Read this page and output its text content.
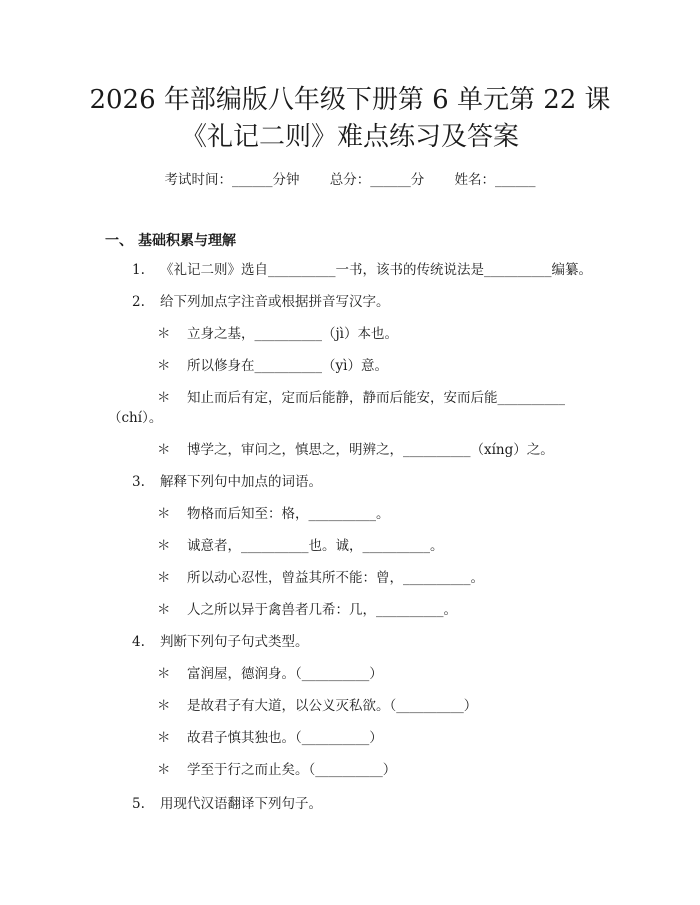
2026 年部编版八年级下册第 6 单元第 22 课
《礼记二则》难点练习及答案
考试时间：______分钟 总分：______分 姓名：______
一、 基础积累与理解
1.	《礼记二则》选自__________一书，该书的传统说法是__________编纂。
2.	给下列加点字注音或根据拼音写汉字。
＊ 立身之基，__________（jì）本也。
＊ 所以修身在__________（yì）意。
＊ 知止而后有定，定而后能静，静而后能安，安而后能__________
（chí）。
＊ 博学之，审问之，慎思之，明辨之，__________（xíng）之。
3.	解释下列句中加点的词语。
＊ 物格而后知至：格，__________。
＊ 诚意者，__________也。诚，__________。
＊ 所以动心忍性，曾益其所不能：曾，__________。
＊ 人之所以异于禽兽者几希：几，__________。
4.	判断下列句子句式类型。
＊ 富润屋，德润身。（__________）
＊ 是故君子有大道，以公义灭私欲。（__________）
＊ 故君子慎其独也。（__________）
＊ 学至于行之而止矣。（__________）
5.	用现代汉语翻译下列句子。
